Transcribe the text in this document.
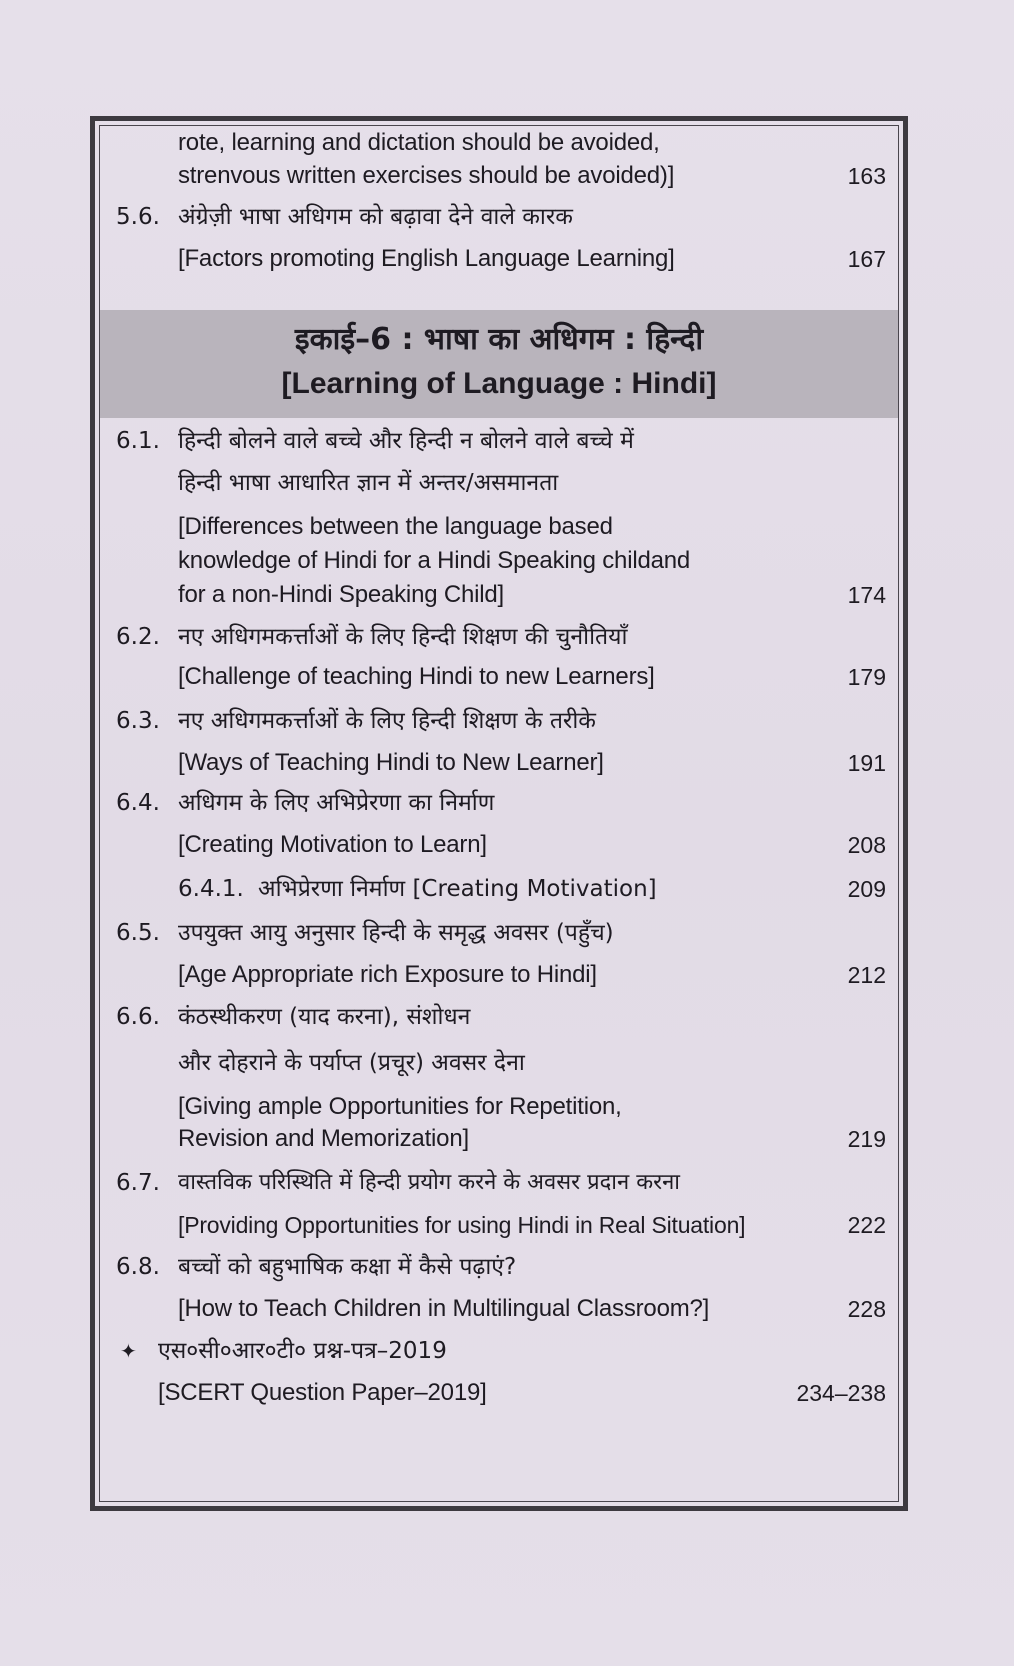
rote, learning and dictation should be avoided,
strenvous written exercises should be avoided)]	163
5.6. अंग्रेज़ी भाषा अधिगम को बढ़ावा देने वाले कारक
[Factors promoting English Language Learning]	167
इकाई–6 : भाषा का अधिगम : हिन्दी
[Learning of Language : Hindi]
6.1. हिन्दी बोलने वाले बच्चे और हिन्दी न बोलने वाले बच्चे में
हिन्दी भाषा आधारित ज्ञान में अन्तर/असमानता
[Differences between the language based
knowledge of Hindi for a Hindi Speaking childand
for a non-Hindi Speaking Child]	174
6.2. नए अधिगमकर्त्ताओं के लिए हिन्दी शिक्षण की चुनौतियाँ
[Challenge of teaching Hindi to new Learners]	179
6.3. नए अधिगमकर्त्ताओं के लिए हिन्दी शिक्षण के तरीके
[Ways of Teaching Hindi to New Learner]	191
6.4. अधिगम के लिए अभिप्रेरणा का निर्माण
[Creating Motivation to Learn]	208
6.4.1. अभिप्रेरणा निर्माण [Creating Motivation]	209
6.5. उपयुक्त आयु अनुसार हिन्दी के समृद्ध अवसर (पहुँच)
[Age Appropriate rich Exposure to Hindi]	212
6.6. कंठस्थीकरण (याद करना), संशोधन
और दोहराने के पर्याप्त (प्रचूर) अवसर देना
[Giving ample Opportunities for Repetition,
Revision and Memorization]	219
6.7. वास्तविक परिस्थिति में हिन्दी प्रयोग करने के अवसर प्रदान करना
[Providing Opportunities for using Hindi in Real Situation]	222
6.8. बच्चों को बहुभाषिक कक्षा में कैसे पढ़ाएं?
[How to Teach Children in Multilingual Classroom?]	228
✦ एस०सी०आर०टी० प्रश्न-पत्र–2019
[SCERT Question Paper–2019]	234–238
